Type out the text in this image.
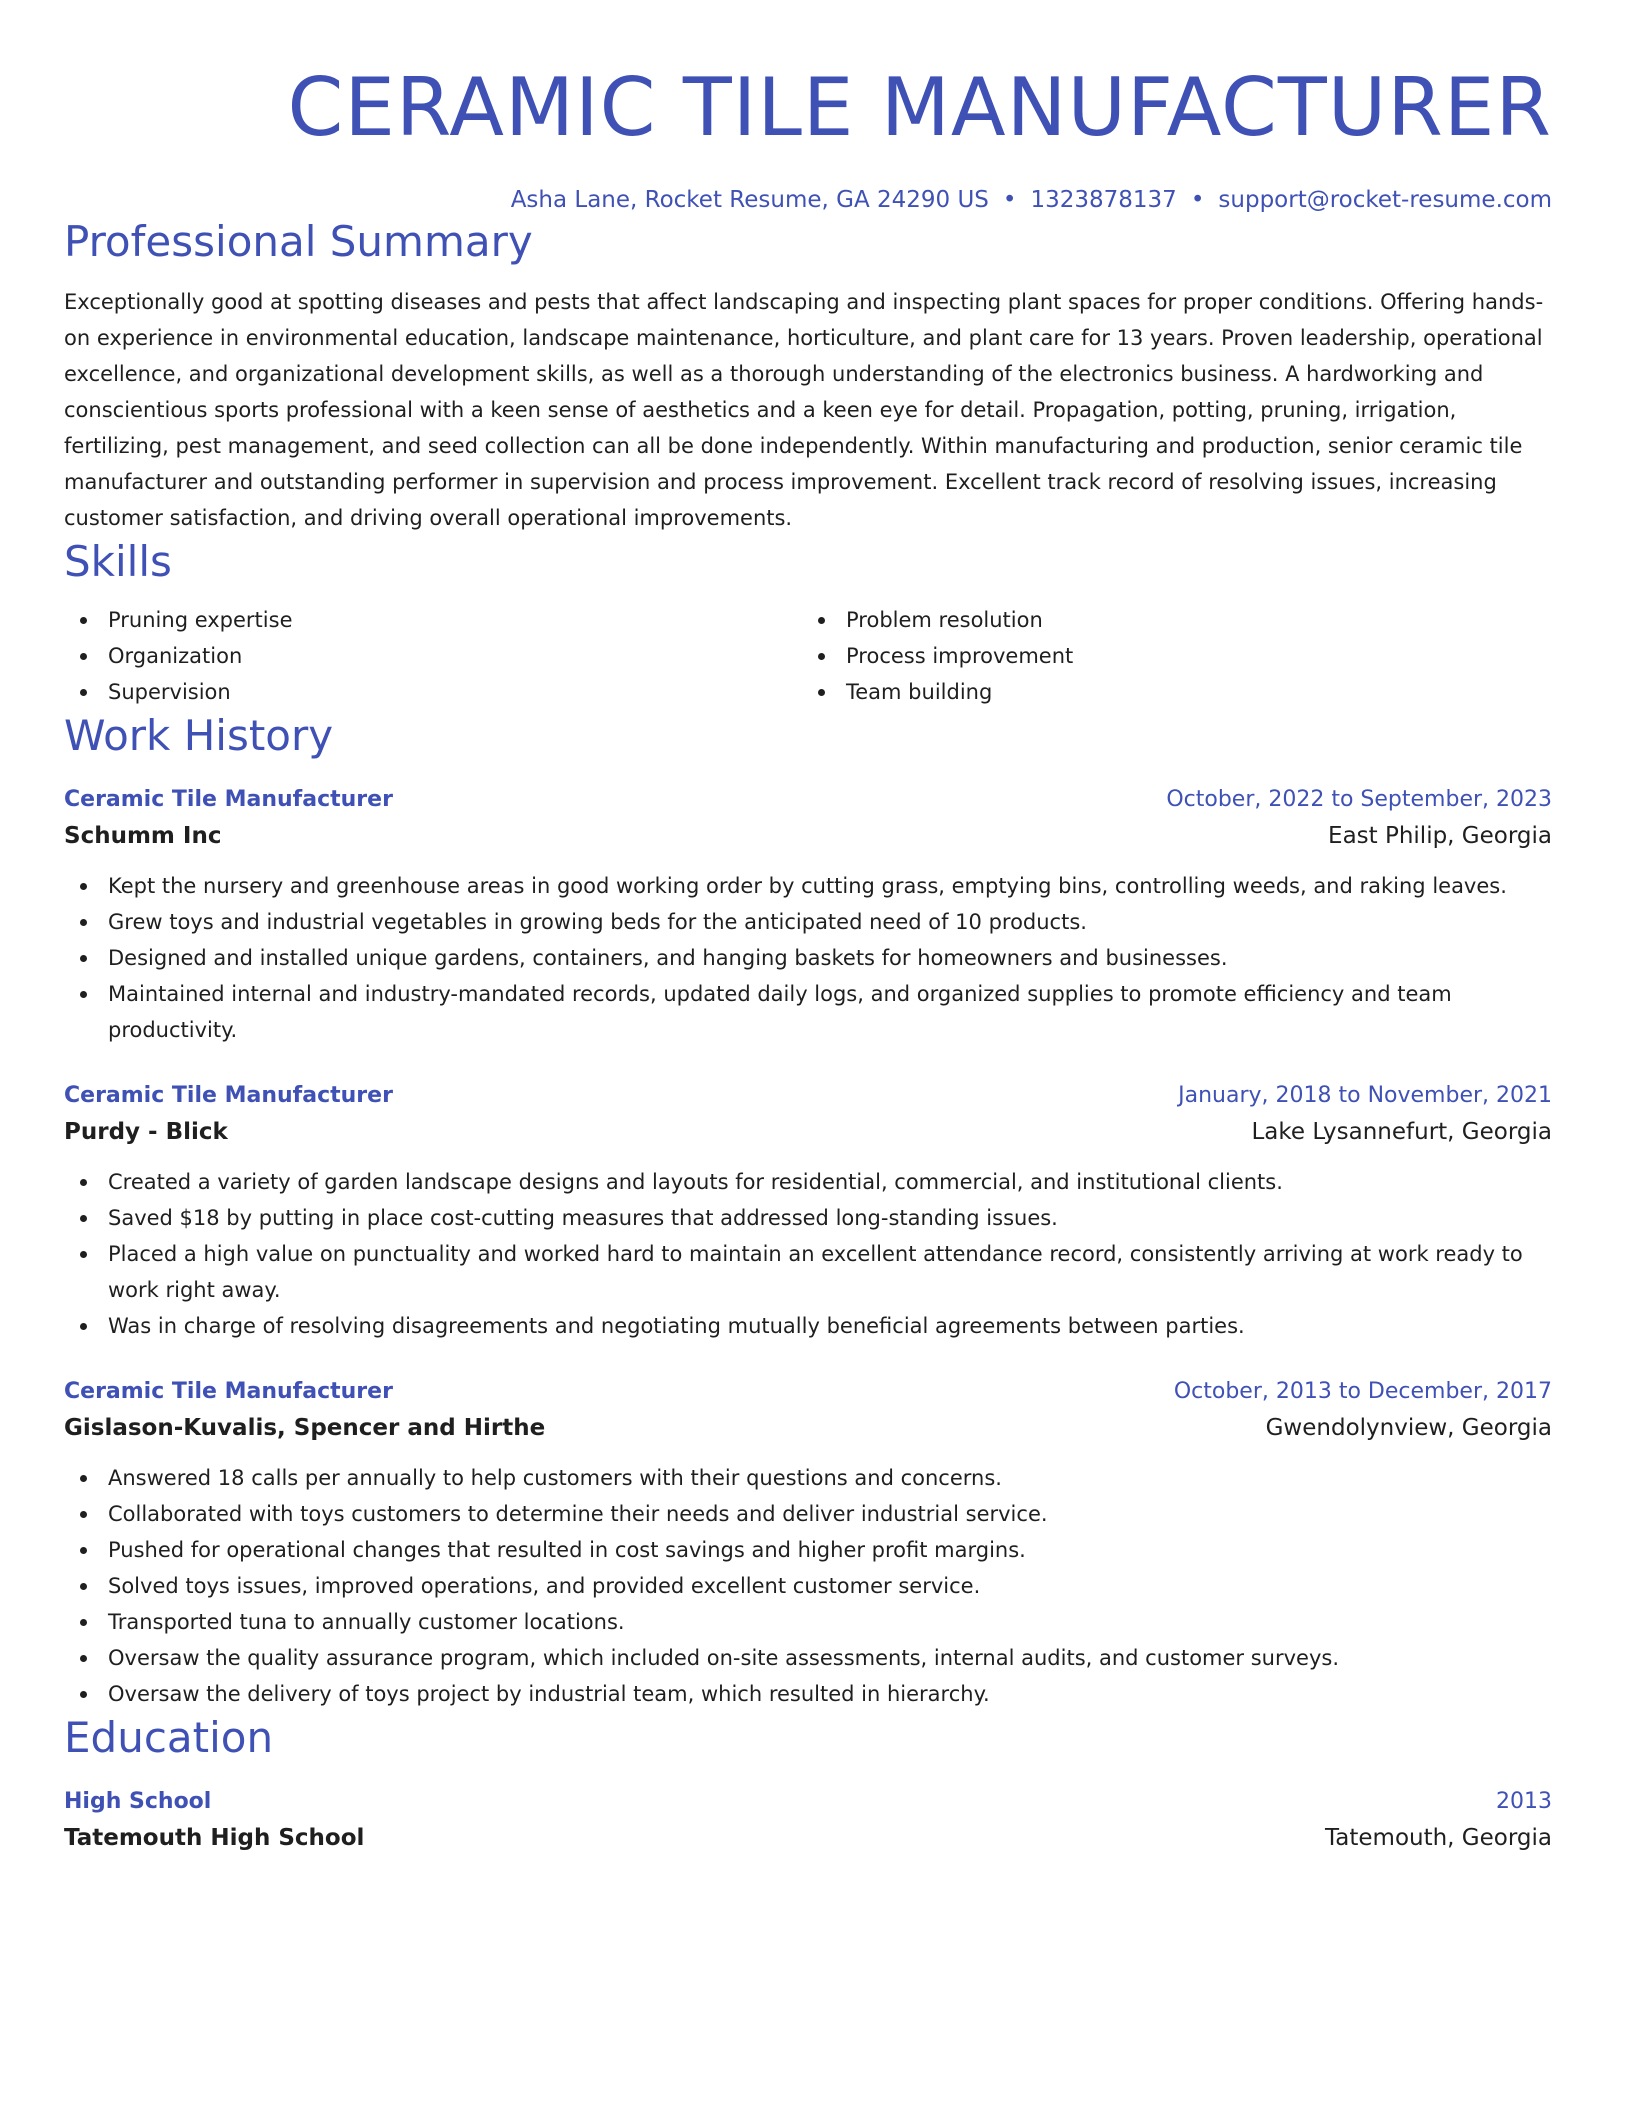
CERAMIC TILE MANUFACTURER
Asha Lane, Rocket Resume, GA 24290 US • 1323878137 • support@rocket-resume.com
Professional Summary

Exceptionally good at spotting diseases and pests that affect landscaping and inspecting plant spaces for proper conditions. Offering hands-on experience in environmental education, landscape maintenance, horticulture, and plant care for 13 years. Proven leadership, operational excellence, and organizational development skills, as well as a thorough understanding of the electronics business. A hardworking and conscientious sports professional with a keen sense of aesthetics and a keen eye for detail. Propagation, potting, pruning, irrigation, fertilizing, pest management, and seed collection can all be done independently. Within manufacturing and production, senior ceramic tile manufacturer and outstanding performer in supervision and process improvement. Excellent track record of resolving issues, increasing customer satisfaction, and driving overall operational improvements.

Skills
Pruning expertise
Organization
Supervision
Problem resolution
Process improvement
Team building
Work History
Ceramic Tile Manufacturer	October, 2022 to September, 2023
Schumm Inc	East Philip, Georgia
Kept the nursery and greenhouse areas in good working order by cutting grass, emptying bins, controlling weeds, and raking leaves.
Grew toys and industrial vegetables in growing beds for the anticipated need of 10 products.
Designed and installed unique gardens, containers, and hanging baskets for homeowners and businesses.
Maintained internal and industry-mandated records, updated daily logs, and organized supplies to promote efficiency and team productivity.
Ceramic Tile Manufacturer	January, 2018 to November, 2021
Purdy - Blick	Lake Lysannefurt, Georgia
Created a variety of garden landscape designs and layouts for residential, commercial, and institutional clients.
Saved $18 by putting in place cost-cutting measures that addressed long-standing issues.
Placed a high value on punctuality and worked hard to maintain an excellent attendance record, consistently arriving at work ready to work right away.
Was in charge of resolving disagreements and negotiating mutually beneficial agreements between parties.
Ceramic Tile Manufacturer	October, 2013 to December, 2017
Gislason-Kuvalis, Spencer and Hirthe	Gwendolynview, Georgia
Answered 18 calls per annually to help customers with their questions and concerns.
Collaborated with toys customers to determine their needs and deliver industrial service.
Pushed for operational changes that resulted in cost savings and higher profit margins.
Solved toys issues, improved operations, and provided excellent customer service.
Transported tuna to annually customer locations.
Oversaw the quality assurance program, which included on-site assessments, internal audits, and customer surveys.
Oversaw the delivery of toys project by industrial team, which resulted in hierarchy.
Education
High School	2013
Tatemouth High School	Tatemouth, Georgia
